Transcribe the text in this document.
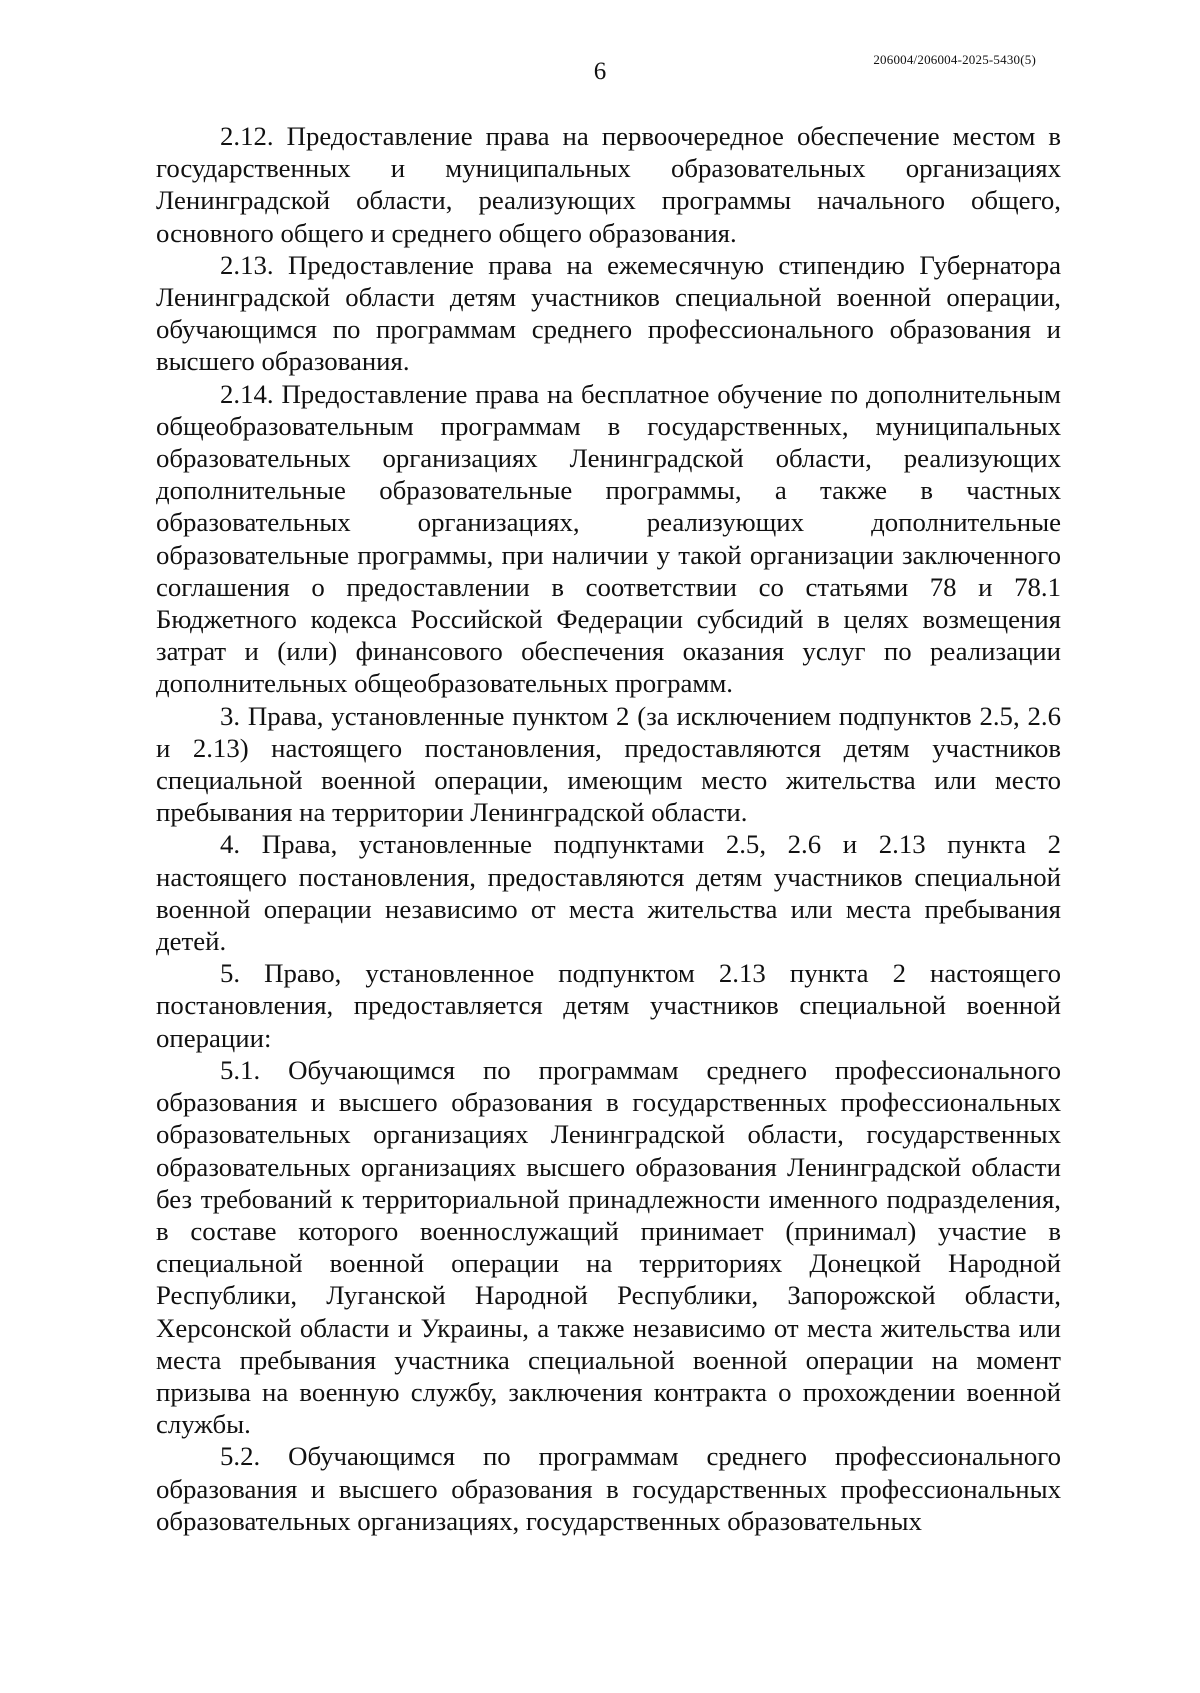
206004/206004-2025-5430(5)
6

2.12. Предоставление права на первоочередное обеспечение местом в государственных и муниципальных образовательных организациях Ленинградской области, реализующих программы начального общего, основного общего и среднего общего образования.

2.13. Предоставление права на ежемесячную стипендию Губернатора Ленинградской области детям участников специальной военной операции, обучающимся по программам среднего профессионального образования и высшего образования.

2.14. Предоставление права на бесплатное обучение по дополнительным общеобразовательным программам в государственных, муниципальных образовательных организациях Ленинградской области, реализующих дополнительные образовательные программы, а также в частных образовательных организациях, реализующих дополнительные образовательные программы, при наличии у такой организации заключенного соглашения о предоставлении в соответствии со статьями 78 и 78.1 Бюджетного кодекса Российской Федерации субсидий в целях возмещения затрат и (или) финансового обеспечения оказания услуг по реализации дополнительных общеобразовательных программ.

3. Права, установленные пунктом 2 (за исключением подпунктов 2.5, 2.6 и 2.13) настоящего постановления, предоставляются детям участников специальной военной операции, имеющим место жительства или место пребывания на территории Ленинградской области.

4. Права, установленные подпунктами 2.5, 2.6 и 2.13 пункта 2 настоящего постановления, предоставляются детям участников специальной военной операции независимо от места жительства или места пребывания детей.

5. Право, установленное подпунктом 2.13 пункта 2 настоящего постановления, предоставляется детям участников специальной военной операции:

5.1. Обучающимся по программам среднего профессионального образования и высшего образования в государственных профессиональных образовательных организациях Ленинградской области, государственных образовательных организациях высшего образования Ленинградской области без требований к территориальной принадлежности именного подразделения, в составе которого военнослужащий принимает (принимал) участие в специальной военной операции на территориях Донецкой Народной Республики, Луганской Народной Республики, Запорожской области, Херсонской области и Украины, а также независимо от места жительства или места пребывания участника специальной военной операции на момент призыва на военную службу, заключения контракта о прохождении военной службы.

5.2. Обучающимся по программам среднего профессионального образования и высшего образования в государственных профессиональных образовательных организациях, государственных образовательных
